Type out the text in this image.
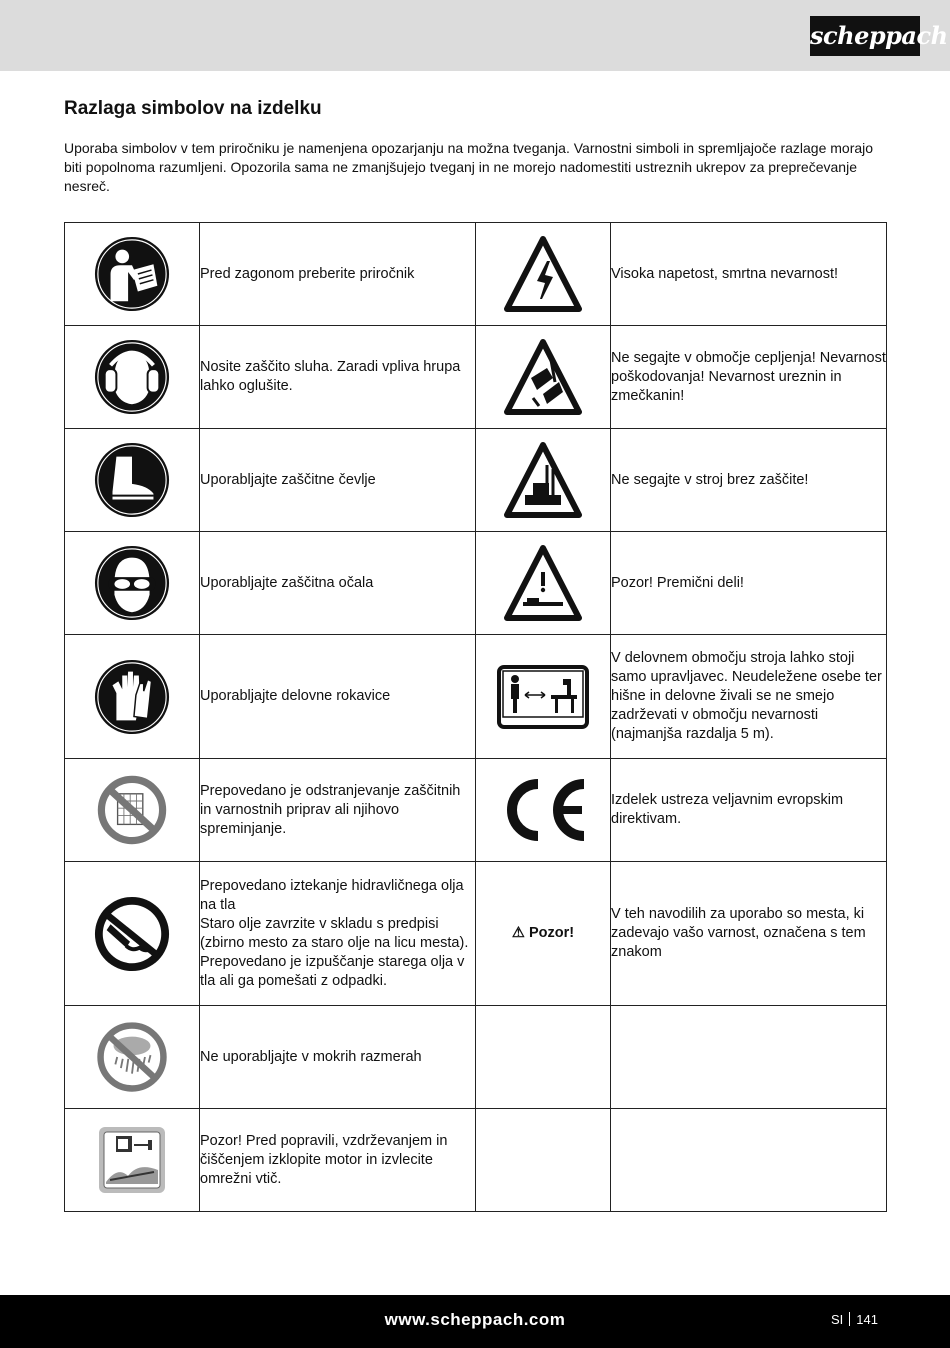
scheppach
Razlaga simbolov na izdelku

Uporaba simbolov v tem priročniku je namenjena opozarjanju na možna tveganja. Varnostni simboli in spremljajoče razlage morajo biti popolnoma razumljeni. Opozorila sama ne zmanjšujejo tveganj in ne morejo nadomestiti ustreznih ukrepov za preprečevanje nesreč.

	Pred zagonom preberite priročnik		Visoka napetost, smrtna nevarnost!

	Nosite zaščito sluha. Zaradi vpliva hrupa lahko oglušite.		Ne segajte v območje cepljenja! Nevarnost poškodovanja! Nevarnost ureznin in zmečkanin!

	Uporabljajte zaščitne čevlje		Ne segajte v stroj brez zaščite!

	Uporabljajte zaščitna očala		Pozor! Premični deli!

	Uporabljajte delovne rokavice		V delovnem območju stroja lahko stoji samo upravljavec. Neudeležene osebe ter hišne in delovne živali se ne smejo zadrževati v območju nevarnosti (najmanjša razdalja 5 m).

	Prepovedano je odstranjevanje zaščitnih in varnostnih priprav ali njihovo spreminjanje.		Izdelek ustreza veljavnim evropskim direktivam.

	Prepovedano iztekanje hidravličnega olja na tla
Staro olje zavrzite v skladu s predpisi (zbirno mesto za staro olje na licu mesta). Prepovedano je izpuščanje starega olja v tla ali ga pomešati z odpadki.	⚠ Pozor!	V teh navodilih za uporabo so mesta, ki zadevajo vašo varnost, označena s tem znakom

	Ne uporabljajte v mokrih razmerah		

	Pozor! Pred popravili, vzdrževanjem in čiščenjem izklopite motor in izvlecite omrežni vtič.		
www.scheppach.com	SI 141
